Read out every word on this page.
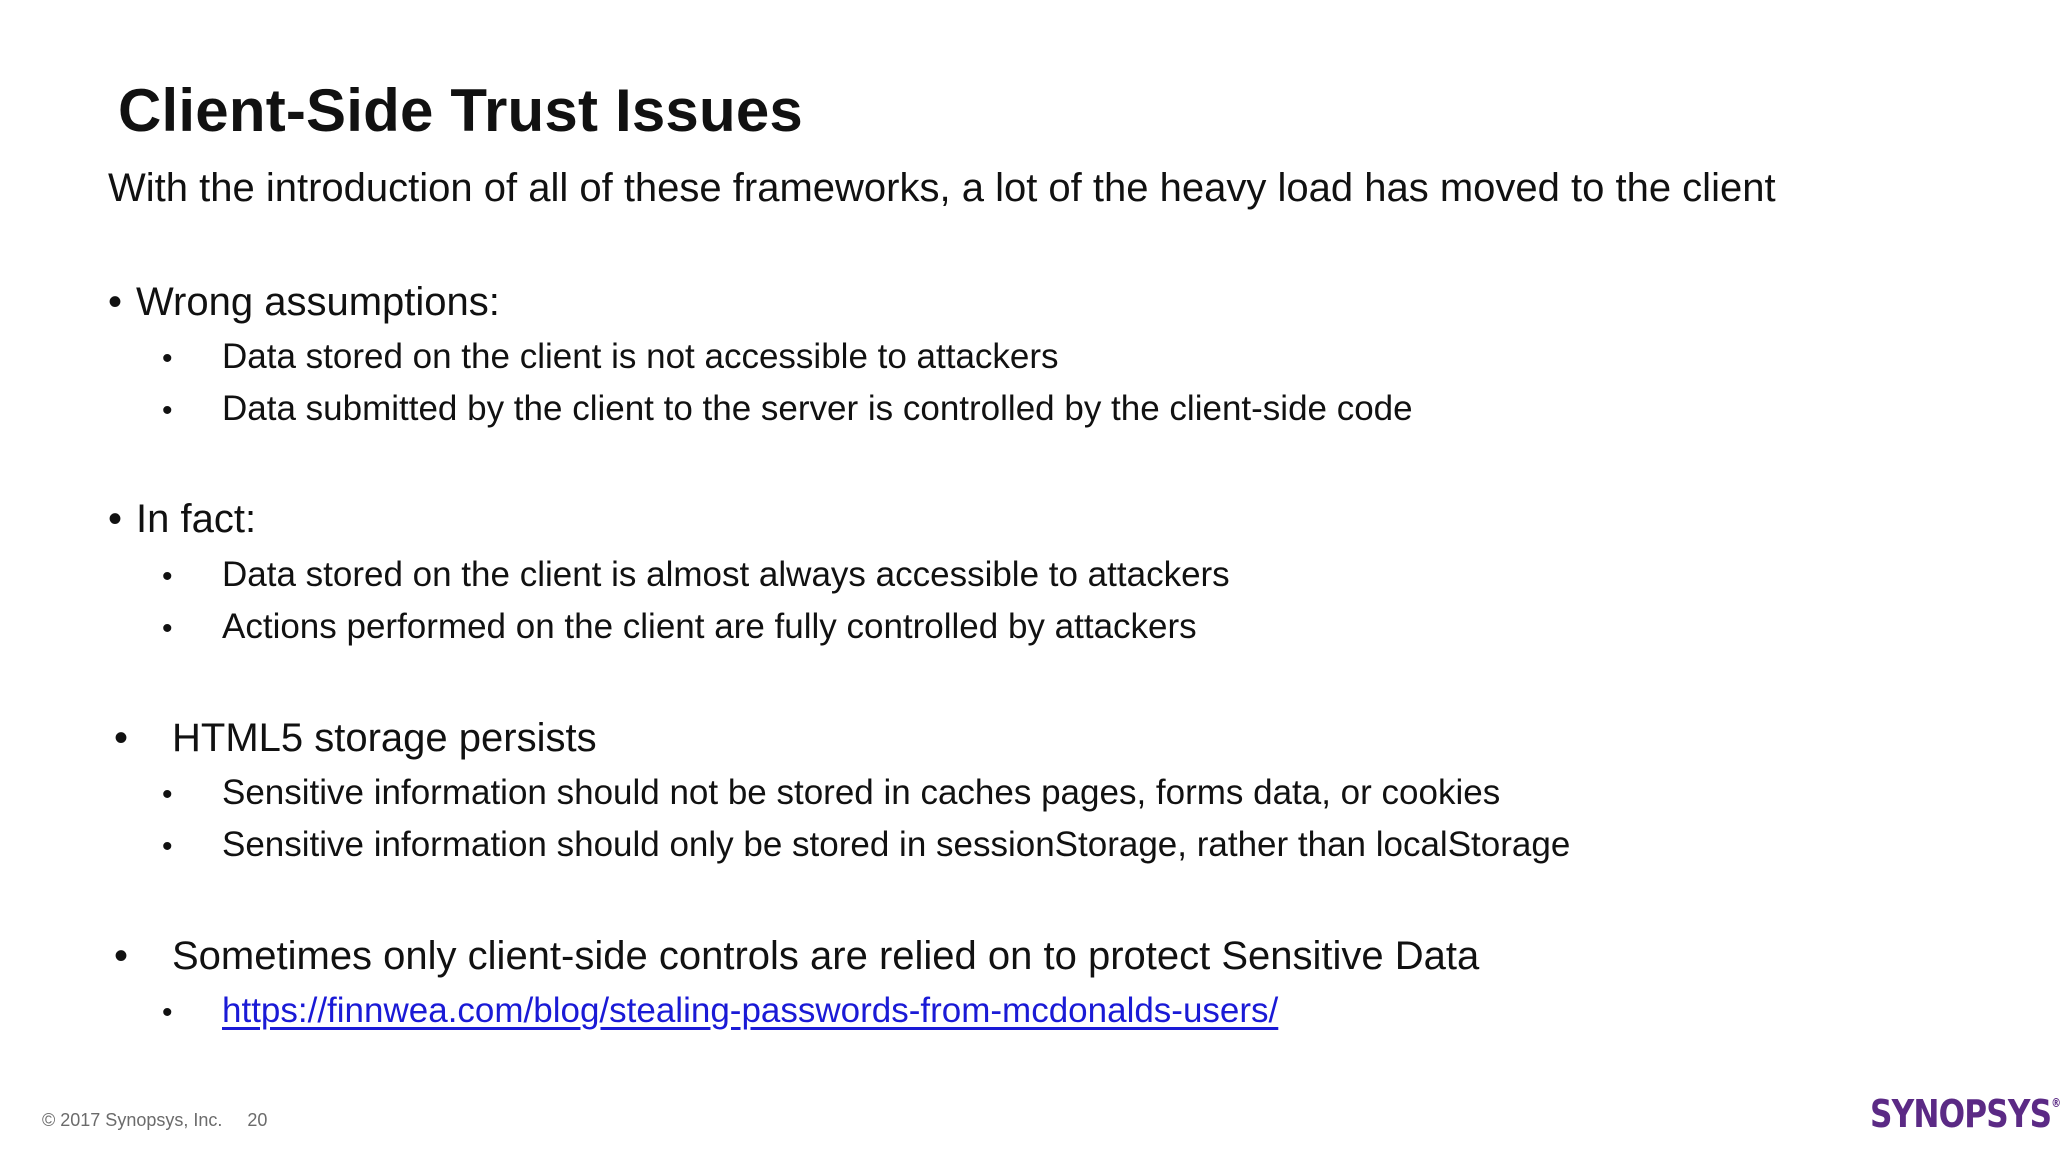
Client-Side Trust Issues
With the introduction of all of these frameworks, a lot of the heavy load has moved to the client
• Wrong assumptions:
•	Data stored on the client is not accessible to attackers
•	Data submitted by the client to the server is controlled by the client-side code
• In fact:
•	Data stored on the client is almost always accessible to attackers
•	Actions performed on the client are fully controlled by attackers
•	HTML5 storage persists
•	Sensitive information should not be stored in caches pages, forms data, or cookies
•	Sensitive information should only be stored in sessionStorage, rather than localStorage
•	Sometimes only client-side controls are relied on to protect Sensitive Data
•	https://finnwea.com/blog/stealing-passwords-from-mcdonalds-users/
© 2017 Synopsys, Inc. 20	SYNOPSYS®
